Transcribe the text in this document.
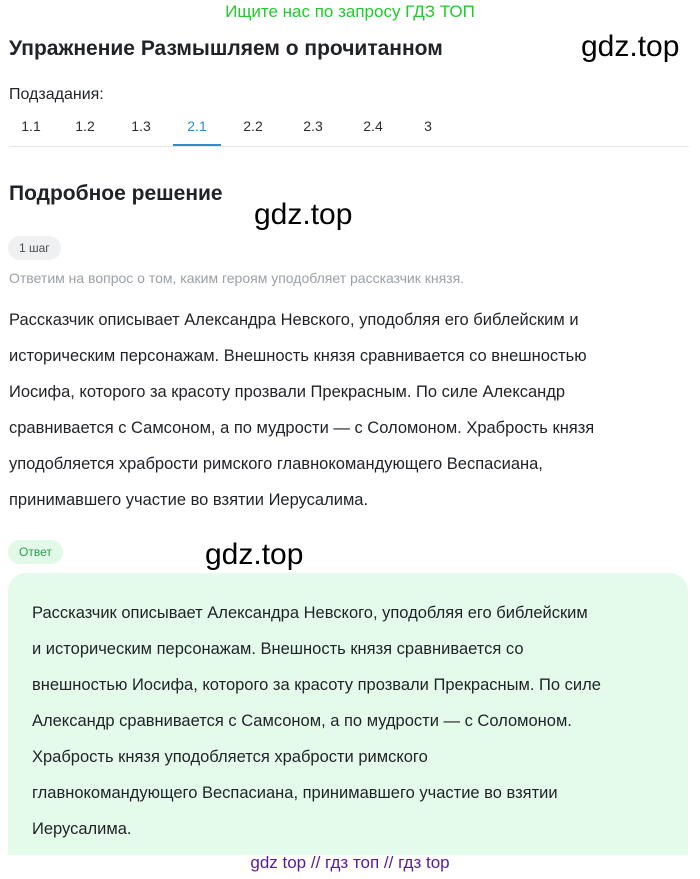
Ищите нас по запросу ГДЗ ТОП
gdz.top
gdz.top
gdz.top
Упражнение Размышляем о прочитанном
Подзадания:
1.1	1.2	1.3	2.1	2.2	2.3	2.4	3
Подробное решение
1 шаг
Ответим на вопрос о том, каким героям уподобляет рассказчик князя.
Рассказчик описывает Александра Невского, уподобляя его библейским и
историческим персонажам. Внешность князя сравнивается со внешностью
Иосифа, которого за красоту прозвали Прекрасным. По силе Александр
сравнивается с Самсоном, а по мудрости — с Соломоном. Храбрость князя
уподобляется храбрости римского главнокомандующего Веспасиана,
принимавшего участие во взятии Иерусалима.
Ответ
Рассказчик описывает Александра Невского, уподобляя его библейским
и историческим персонажам. Внешность князя сравнивается со
внешностью Иосифа, которого за красоту прозвали Прекрасным. По силе
Александр сравнивается с Самсоном, а по мудрости — с Соломоном.
Храбрость князя уподобляется храбрости римского
главнокомандующего Веспасиана, принимавшего участие во взятии
Иерусалима.
gdz top // гдз топ // гдз top
